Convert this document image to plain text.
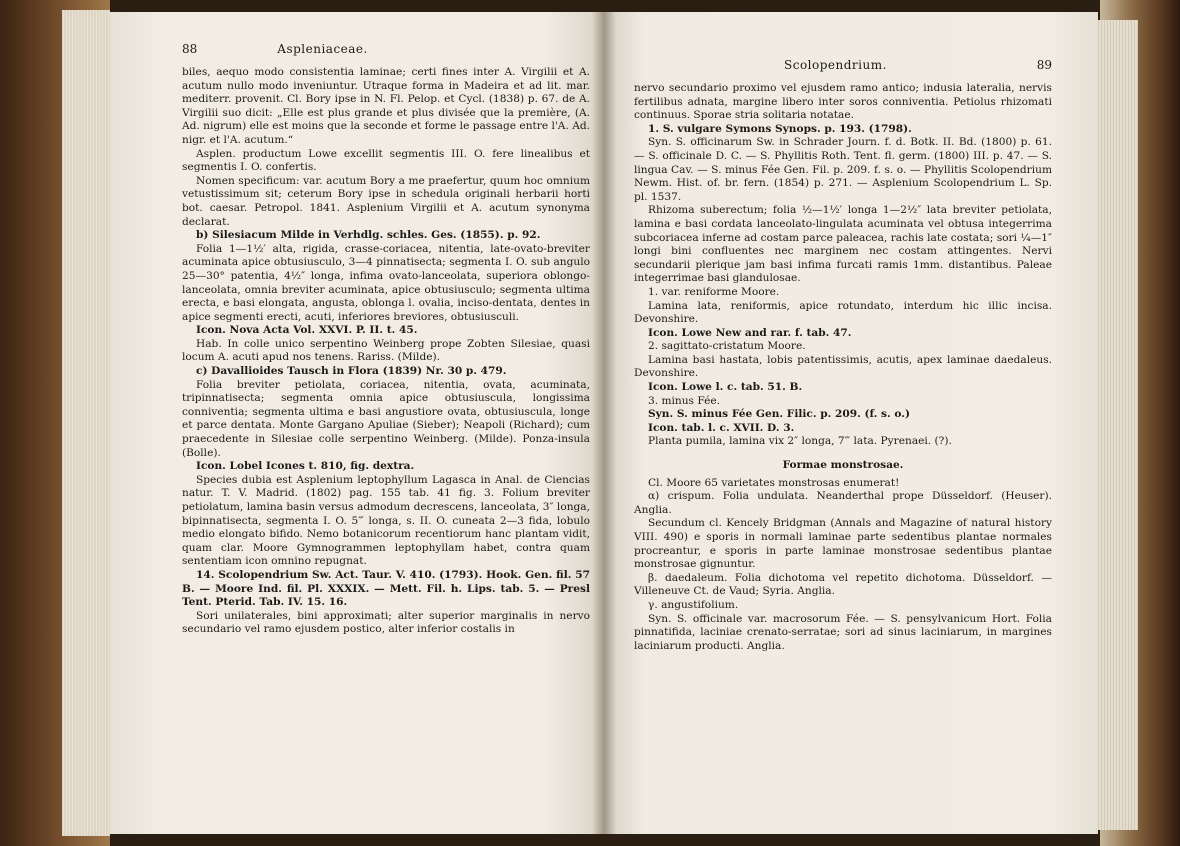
88	Aspleniaceae.

biles, aequo modo consistentia laminae; certi fines inter A. Virgilii et A. acutum nullo modo inveniuntur. Utraque forma in Madeira et ad lit. mar. mediterr. provenit. Cl. Bory ipse in N. Fl. Pelop. et Cycl. (1838) p. 67. de A. Virgilii suo dicit: „Elle est plus grande et plus divisée que la première, (A. Ad. nigrum) elle est moins que la seconde et forme le passage entre l'A. Ad. nigr. et l'A. acutum.“

Asplen. productum Lowe excellit segmentis III. O. fere linealibus et segmentis I. O. confertis.

Nomen specificum: var. acutum Bory a me praefertur, quum hoc omnium vetustissimum sit; ceterum Bory ipse in schedula originali herbarii horti bot. caesar. Petropol. 1841. Asplenium Virgilii et A. acutum synonyma declarat.

b) Silesiacum Milde in Verhdlg. schles. Ges. (1855). p. 92.

Folia 1—1½′ alta, rigida, crasse-coriacea, nitentia, late-ovato-breviter acuminata apice obtusiusculo, 3—4 pinnatisecta; segmenta I. O. sub angulo 25—30° patentia, 4½″ longa, infima ovato-lanceolata, superiora oblongo-lanceolata, omnia breviter acuminata, apice obtusiusculo; segmenta ultima erecta, e basi elongata, angusta, oblonga l. ovalia, inciso-dentata, dentes in apice segmenti erecti, acuti, inferiores breviores, obtusiusculi.

Icon. Nova Acta Vol. XXVI. P. II. t. 45.

Hab. In colle unico serpentino Weinberg prope Zobten Silesiae, quasi locum A. acuti apud nos tenens. Rariss. (Milde).

c) Davallioides Tausch in Flora (1839) Nr. 30 p. 479.

Folia breviter petiolata, coriacea, nitentia, ovata, acuminata, tripinnatisecta; segmenta omnia apice obtusiuscula, longissima conniventia; segmenta ultima e basi angustiore ovata, obtusiuscula, longe et parce dentata. Monte Gargano Apuliae (Sieber); Neapoli (Richard); cum praecedente in Silesiae colle serpentino Weinberg. (Milde). Ponza-insula (Bolle).

Icon. Lobel Icones t. 810, fig. dextra.

Species dubia est Asplenium leptophyllum Lagasca in Anal. de Ciencias natur. T. V. Madrid. (1802) pag. 155 tab. 41 fig. 3. Folium breviter petiolatum, lamina basin versus admodum decrescens, lanceolata, 3″ longa, bipinnatisecta, segmenta I. O. 5‴ longa, s. II. O. cuneata 2—3 fida, lobulo medio elongato bifido. Nemo botanicorum recentiorum hanc plantam vidit, quam clar. Moore Gymnogrammen leptophyllam habet, contra quam sententiam icon omnino repugnat.

14. Scolopendrium Sw. Act. Taur. V. 410. (1793). Hook. Gen. fil. 57 B. — Moore Ind. fil. Pl. XXXIX. — Mett. Fil. h. Lips. tab. 5. — Presl Tent. Pterid. Tab. IV. 15. 16.

Sori unilaterales, bini approximati; alter superior marginalis in nervo secundario vel ramo ejusdem postico, alter inferior costalis in

Scolopendrium.	89

nervo secundario proximo vel ejusdem ramo antico; indusia lateralia, nervis fertilibus adnata, margine libero inter soros conniventia. Petiolus rhizomati continuus. Sporae stria solitaria notatae.

1. S. vulgare Symons Synops. p. 193. (1798).

Syn. S. officinarum Sw. in Schrader Journ. f. d. Botk. II. Bd. (1800) p. 61. — S. officinale D. C. — S. Phyllitis Roth. Tent. fl. germ. (1800) III. p. 47. — S. lingua Cav. — S. minus Fée Gen. Fil. p. 209. f. s. o. — Phyllitis Scolopendrium Newm. Hist. of. br. fern. (1854) p. 271. — Asplenium Scolopendrium L. Sp. pl. 1537.

Rhizoma suberectum; folia ½—1½′ longa 1—2½″ lata breviter petiolata, lamina e basi cordata lanceolato-lingulata acuminata vel obtusa integerrima subcoriacea inferne ad costam parce paleacea, rachis late costata; sori ¼—1″ longi bini confluentes nec marginem nec costam attingentes. Nervi secundarii plerique jam basi infima furcati ramis 1mm. distantibus. Paleae integerrimae basi glandulosae.

1. var. reniforme Moore.

Lamina lata, reniformis, apice rotundato, interdum hic illic incisa. Devonshire.

Icon. Lowe New and rar. f. tab. 47.

2. sagittato-cristatum Moore.

Lamina basi hastata, lobis patentissimis, acutis, apex laminae daedaleus. Devonshire.

Icon. Lowe l. c. tab. 51. B.

3. minus Fée.

Syn. S. minus Fée Gen. Filic. p. 209. (f. s. o.)

Icon. tab. l. c. XVII. D. 3.

Planta pumila, lamina vix 2″ longa, 7‴ lata. Pyrenaei. (?).

Formae monstrosae.

Cl. Moore 65 varietates monstrosas enumerat!

α) crispum. Folia undulata. Neanderthal prope Düsseldorf. (Heuser). Anglia.

Secundum cl. Kencely Bridgman (Annals and Magazine of natural history VIII. 490) e sporis in normali laminae parte sedentibus plantae normales procreantur, e sporis in parte laminae monstrosae sedentibus plantae monstrosae gignuntur.

β. daedaleum. Folia dichotoma vel repetito dichotoma. Düsseldorf. — Villeneuve Ct. de Vaud; Syria. Anglia.

γ. angustifolium.

Syn. S. officinale var. macrosorum Fée. — S. pensylvanicum Hort. Folia pinnatifida, laciniae crenato-serratae; sori ad sinus laciniarum, in margines laciniarum producti. Anglia.
